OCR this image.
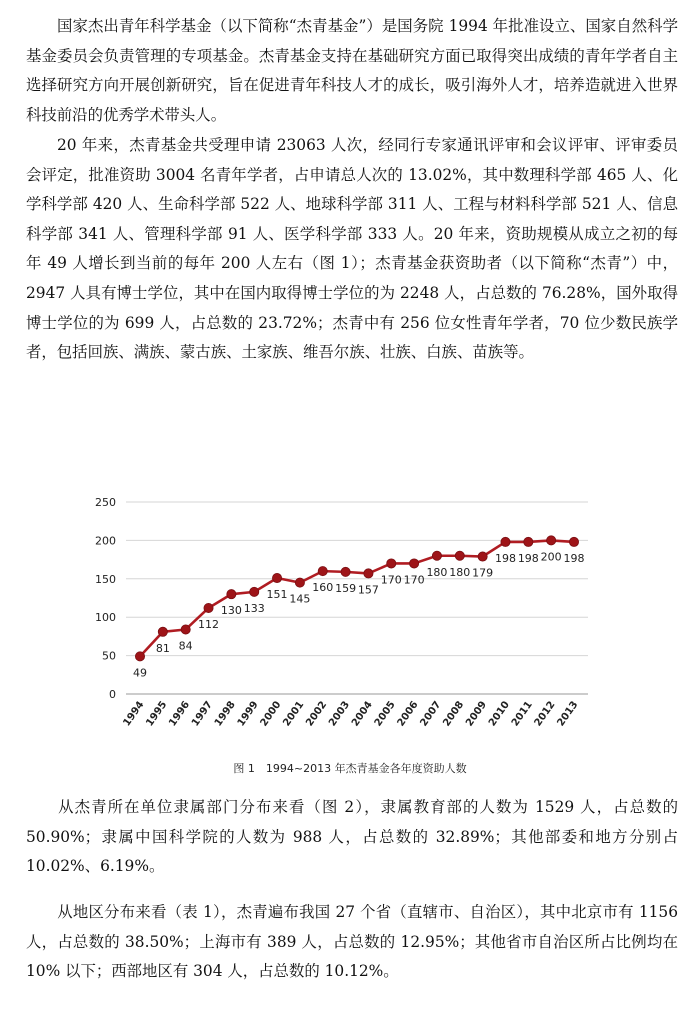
国家杰出青年科学基金（以下简称“杰青基金”）是国务院 1994 年批准设立、国家自然科学基金委员会负责管理的专项基金。杰青基金支持在基础研究方面已取得突出成绩的青年学者自主选择研究方向开展创新研究，旨在促进青年科技人才的成长，吸引海外人才，培养造就进入世界科技前沿的优秀学术带头人。

20 年来，杰青基金共受理申请 23063 人次，经同行专家通讯评审和会议评审、评审委员会评定，批准资助 3004 名青年学者，占申请总人次的 13.02%，其中数理科学部 465 人、化学科学部 420 人、生命科学部 522 人、地球科学部 311 人、工程与材料科学部 521 人、信息科学部 341 人、管理科学部 91 人、医学科学部 333 人。20 年来，资助规模从成立之初的每年 49 人增长到当前的每年 200 人左右（图 1）；杰青基金获资助者（以下简称“杰青”）中，2947 人具有博士学位，其中在国内取得博士学位的为 2248 人，占总数的 76.28%，国外取得博士学位的为 699 人，占总数的 23.72%；杰青中有 256 位女性青年学者，70 位少数民族学者，包括回族、满族、蒙古族、土家族、维吾尔族、壮族、白族、苗族等。

0
50
100
150
200
250
49
1994
81
1995
84
1996
112
1997
130
1998
133
1999
151
2000
145
2001
160
2002
159
2003
157
2004
170
2005
170
2006
180
2007
180
2008
179
2009
198
2010
198
2011
200
2012
198
2013
图 1　1994~2013 年杰青基金各年度资助人数

从杰青所在单位隶属部门分布来看（图 2），隶属教育部的人数为 1529 人，占总数的 50.90%；隶属中国科学院的人数为 988 人，占总数的 32.89%；其他部委和地方分别占 10.02%、6.19%。

从地区分布来看（表 1），杰青遍布我国 27 个省（直辖市、自治区），其中北京市有 1156 人，占总数的 38.50%；上海市有 389 人，占总数的 12.95%；其他省市自治区所占比例均在 10% 以下；西部地区有 304 人，占总数的 10.12%。
